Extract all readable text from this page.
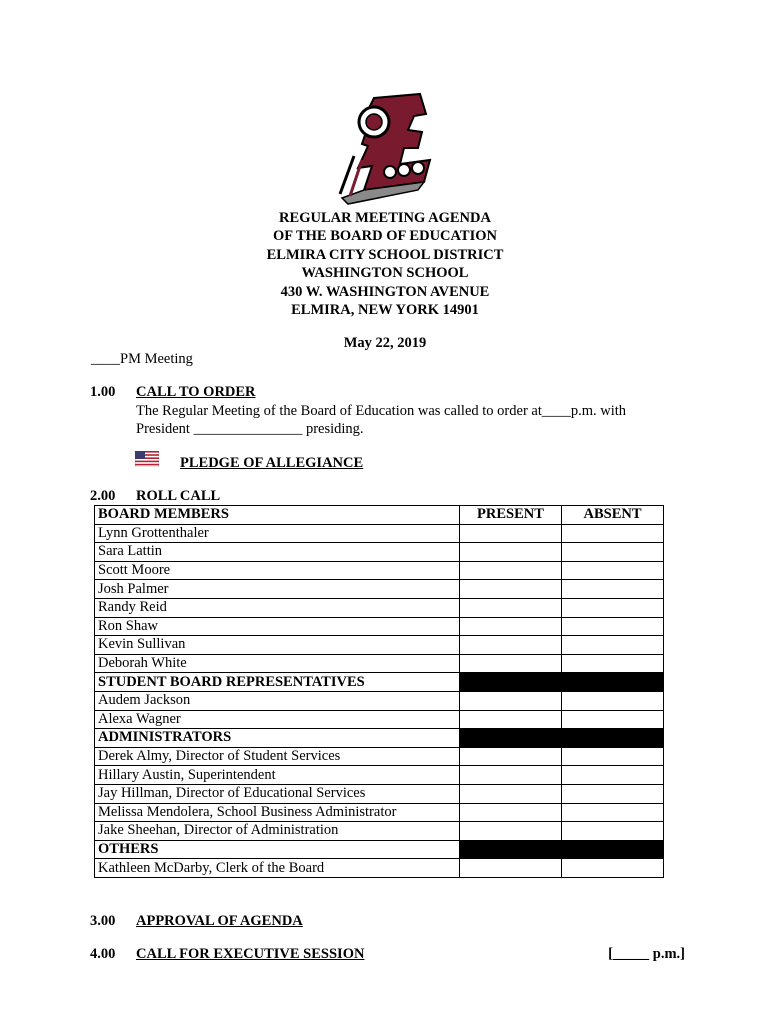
REGULAR MEETING AGENDA
OF THE BOARD OF EDUCATION
ELMIRA CITY SCHOOL DISTRICT
WASHINGTON SCHOOL
430 W. WASHINGTON AVENUE
ELMIRA, NEW YORK 14901
May 22, 2019
____PM Meeting
1.00 CALL TO ORDER
The Regular Meeting of the Board of Education was called to order at____p.m. with
President _______________ presiding.
PLEDGE OF ALLEGIANCE
2.00 ROLL CALL
BOARD MEMBERS	PRESENT	ABSENT
Lynn Grottenthaler		
Sara Lattin		
Scott Moore		
Josh Palmer		
Randy Reid		
Ron Shaw		
Kevin Sullivan		
Deborah White		
STUDENT BOARD REPRESENTATIVES		
Audem Jackson		
Alexa Wagner		
ADMINISTRATORS		
Derek Almy, Director of Student Services		
Hillary Austin, Superintendent		
Jay Hillman, Director of Educational Services		
Melissa Mendolera, School Business Administrator		
Jake Sheehan, Director of Administration		
OTHERS		
Kathleen McDarby, Clerk of the Board		
3.00 APPROVAL OF AGENDA
4.00 CALL FOR EXECUTIVE SESSION	[_____ p.m.]
